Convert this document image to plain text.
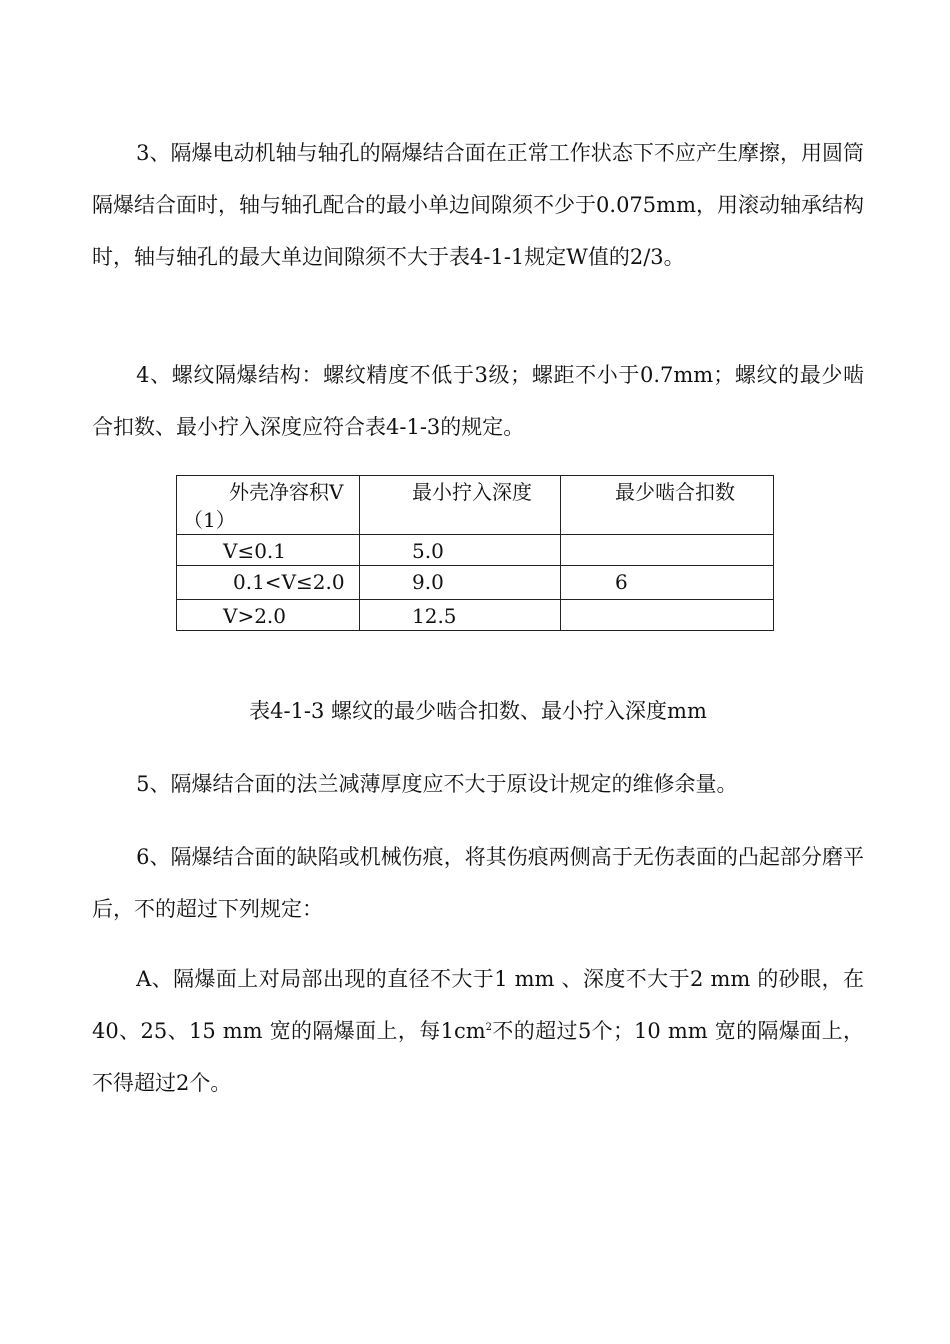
3、隔爆电动机轴与轴孔的隔爆结合面在正常工作状态下不应产生摩擦，用圆筒隔爆结合面时，轴与轴孔配合的最小单边间隙须不少于0.075mm，用滚动轴承结构时，轴与轴孔的最大单边间隙须不大于表4-1-1规定W值的2/3。

4、螺纹隔爆结构：螺纹精度不低于3级；螺距不小于0.7mm；螺纹的最少啮合扣数、最小拧入深度应符合表4-1-3的规定。

外壳净容积V（1）	最小拧入深度	最少啮合扣数
V≤0.1	5.0	
0.1<V≤2.0	9.0	6
V>2.0	12.5	
表4-1-3 螺纹的最少啮合扣数、最小拧入深度mm

5、隔爆结合面的法兰减薄厚度应不大于原设计规定的维修余量。

6、隔爆结合面的缺陷或机械伤痕，将其伤痕两侧高于无伤表面的凸起部分磨平后，不的超过下列规定：

A、隔爆面上对局部出现的直径不大于1 mm 、深度不大于2 mm 的砂眼，在40、25、15 mm 宽的隔爆面上，每$1cm^2$不的超过5个；10 mm 宽的隔爆面上，不得超过2个。
